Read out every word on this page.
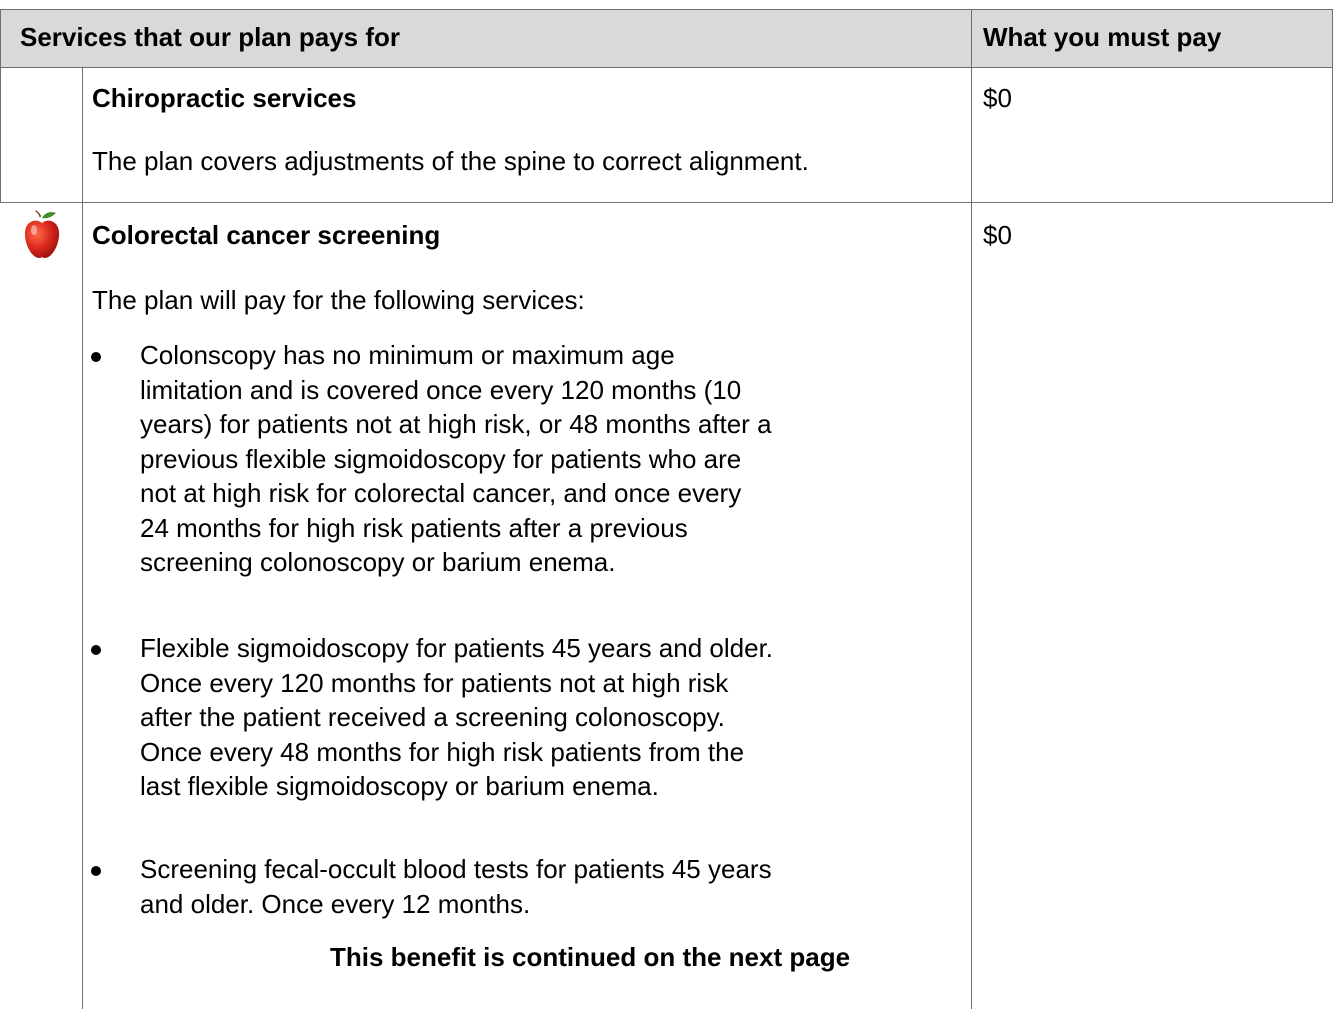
Services that our plan pays for	What you must pay
Chiropractic services
The plan covers adjustments of the spine to correct alignment.
$0
Colorectal cancer screening
The plan will pay for the following services:
$0
Colonscopy has no minimum or maximum age
limitation and is covered once every 120 months (10
years) for patients not at high risk, or 48 months after a
previous flexible sigmoidoscopy for patients who are
not at high risk for colorectal cancer, and once every
24 months for high risk patients after a previous
screening colonoscopy or barium enema.
Flexible sigmoidoscopy for patients 45 years and older.
Once every 120 months for patients not at high risk
after the patient received a screening colonoscopy.
Once every 48 months for high risk patients from the
last flexible sigmoidoscopy or barium enema.
Screening fecal-occult blood tests for patients 45 years
and older. Once every 12 months.
This benefit is continued on the next page
